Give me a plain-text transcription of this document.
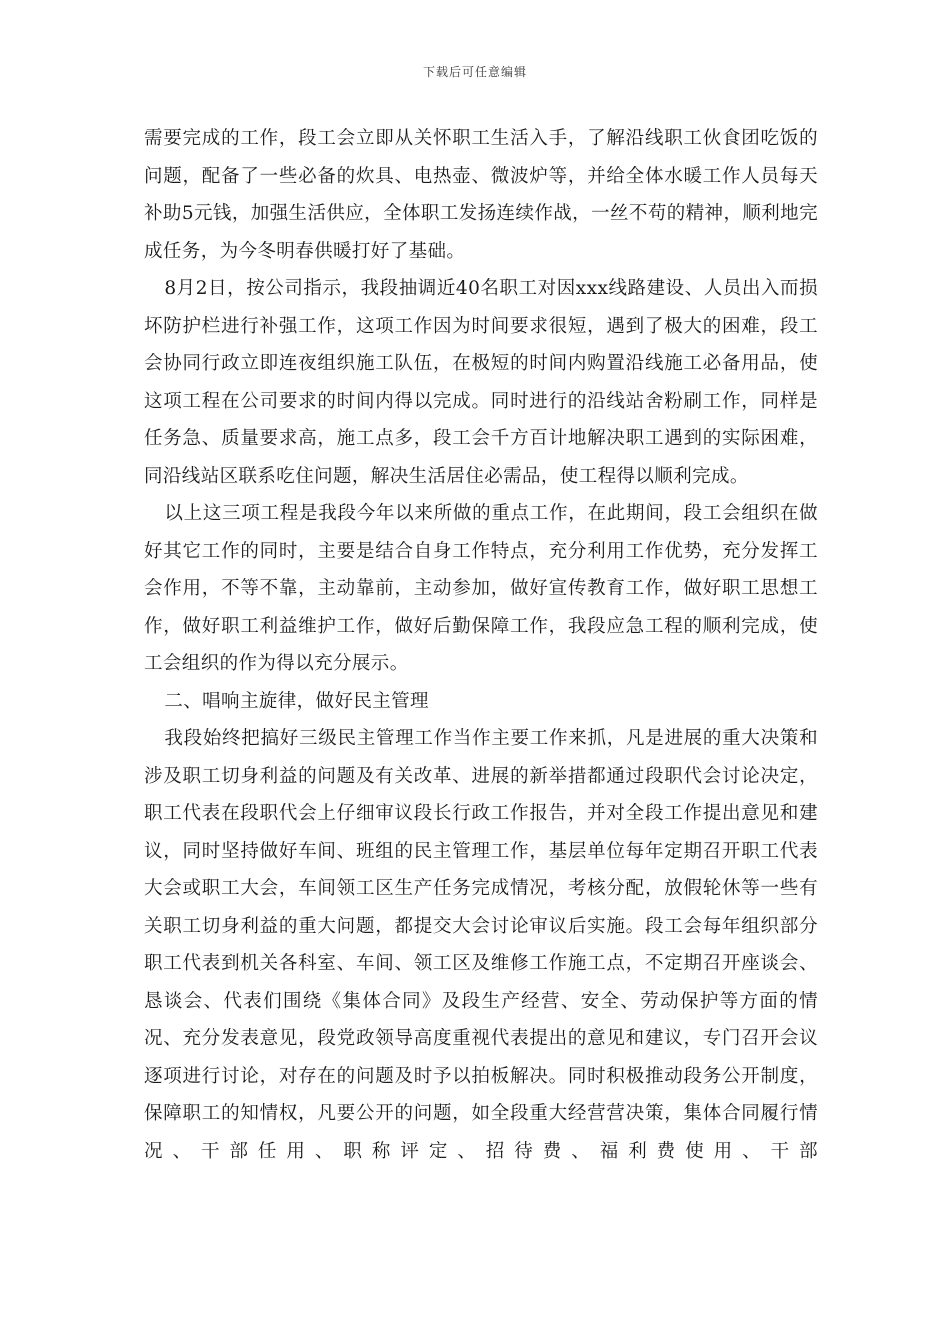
下载后可任意编辑

需要完成的工作，段工会立即从关怀职工生活入手，了解沿线职工伙食团吃饭的问题，配备了一些必备的炊具、电热壶、微波炉等，并给全体水暖工作人员每天补助5元钱，加强生活供应，全体职工发扬连续作战，一丝不苟的精神，顺利地完成任务，为今冬明春供暖打好了基础。

8月2日，按公司指示，我段抽调近40名职工对因xxx线路建设、人员出入而损坏防护栏进行补强工作，这项工作因为时间要求很短，遇到了极大的困难，段工会协同行政立即连夜组织施工队伍，在极短的时间内购置沿线施工必备用品，使这项工程在公司要求的时间内得以完成。同时进行的沿线站舍粉刷工作，同样是任务急、质量要求高，施工点多，段工会千方百计地解决职工遇到的实际困难，同沿线站区联系吃住问题，解决生活居住必需品，使工程得以顺利完成。

以上这三项工程是我段今年以来所做的重点工作，在此期间，段工会组织在做好其它工作的同时，主要是结合自身工作特点，充分利用工作优势，充分发挥工会作用，不等不靠，主动靠前，主动参加，做好宣传教育工作，做好职工思想工作，做好职工利益维护工作，做好后勤保障工作，我段应急工程的顺利完成，使工会组织的作为得以充分展示。

二、唱响主旋律，做好民主管理

我段始终把搞好三级民主管理工作当作主要工作来抓，凡是进展的重大决策和涉及职工切身利益的问题及有关改革、进展的新举措都通过段职代会讨论决定，职工代表在段职代会上仔细审议段长行政工作报告，并对全段工作提出意见和建议，同时坚持做好车间、班组的民主管理工作，基层单位每年定期召开职工代表大会或职工大会，车间领工区生产任务完成情况，考核分配，放假轮休等一些有关职工切身利益的重大问题，都提交大会讨论审议后实施。段工会每年组织部分职工代表到机关各科室、车间、领工区及维修工作施工点，不定期召开座谈会、恳谈会、代表们围绕《集体合同》及段生产经营、安全、劳动保护等方面的情况、充分发表意见，段党政领导高度重视代表提出的意见和建议，专门召开会议逐项进行讨论，对存在的问题及时予以拍板解决。同时积极推动段务公开制度，保障职工的知情权，凡要公开的问题，如全段重大经营营决策，集体合同履行情况、干部任用、职称评定、招待费、福利费使用、干部
